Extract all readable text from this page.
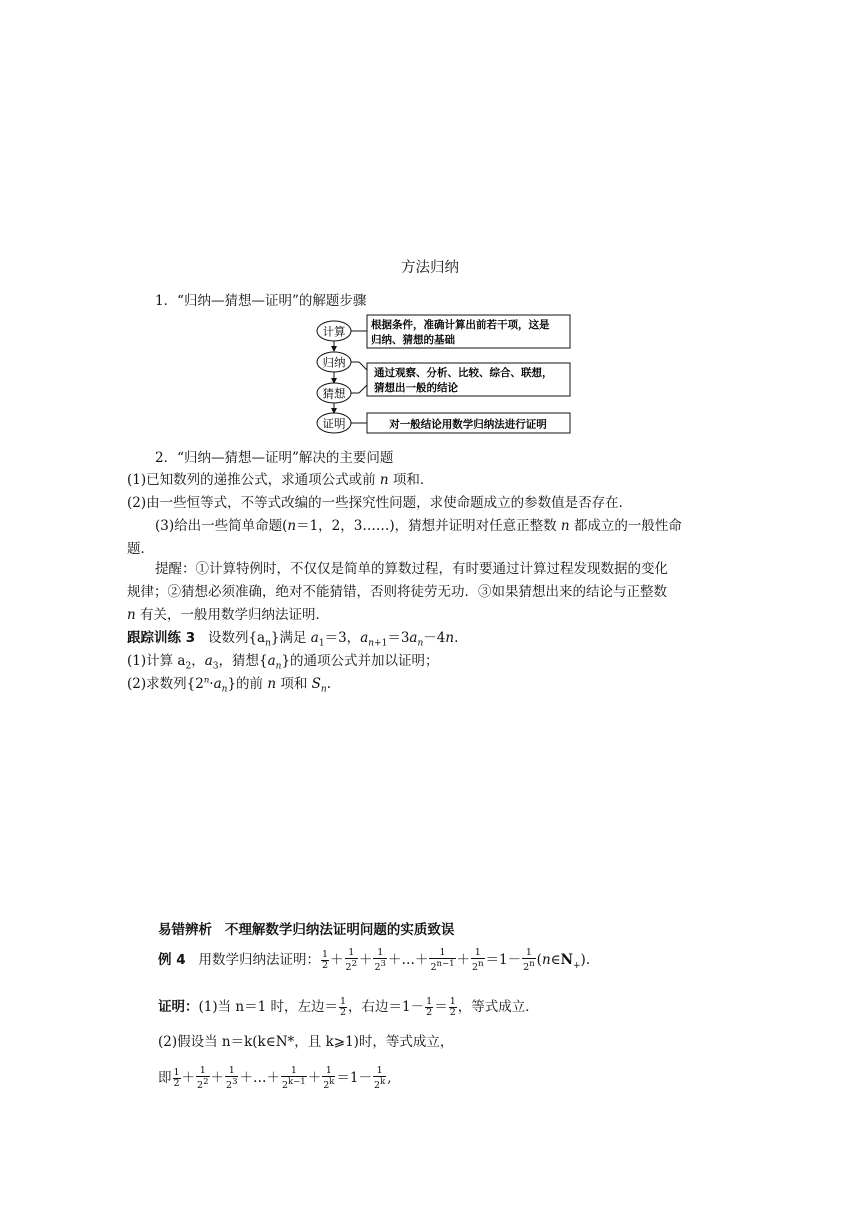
方法归纳
1．“归纳—猜想—证明”的解题步骤
计算
归纳
猜想
证明
根据条件，准确计算出前若干项，这是
归纳、猜想的基础
通过观察、分析、比较、综合、联想，
猜想出一般的结论
对一般结论用数学归纳法进行证明
2．“归纳—猜想—证明”解决的主要问题
(1)已知数列的递推公式，求通项公式或前 n 项和．
(2)由一些恒等式，不等式改编的一些探究性问题，求使命题成立的参数值是否存在．
(3)给出一些简单命题(n＝1，2，3……)，猜想并证明对任意正整数 n 都成立的一般性命
题．
提醒：①计算特例时，不仅仅是简单的算数过程，有时要通过计算过程发现数据的变化
规律；②猜想必须准确，绝对不能猜错，否则将徒劳无功．③如果猜想出来的结论与正整数
n 有关，一般用数学归纳法证明．
跟踪训练 3 设数列$\{a_n\}$满足 $a_1=3$，$a_{n+1}=3a_n-4n$.
(1)计算 $a_2$，$a_3$，猜想$\{a_n\}$的通项公式并加以证明；
(2)求数列$\{2^n\cdot a_n\}$的前 n 项和 $S_n$.
易错辨析 不理解数学归纳法证明问题的实质致误
例 4 用数学归纳法证明： $\frac{1}{2} + \frac{1}{2^2} + \frac{1}{2^3}$ ＋…＋ $\frac{1}{2^{n-1}} + \frac{1}{2^n} =1- \frac{1}{2^n}$ $(n\in N_+)$.
证明：(1)当 n＝1 时，左边＝ $\frac{1}{2}$ ，右边$=1- \frac{1}{2} = \frac{1}{2}$ ，等式成立．
(2)假设当 n＝k(k∈N*，且 k⩾1)时，等式成立，
即 $\frac{1}{2} + \frac{1}{2^2} + \frac{1}{2^3}$ ＋…＋ $\frac{1}{2^{k-1}} + \frac{1}{2^k} =1- \frac{1}{2^k}$ ,
